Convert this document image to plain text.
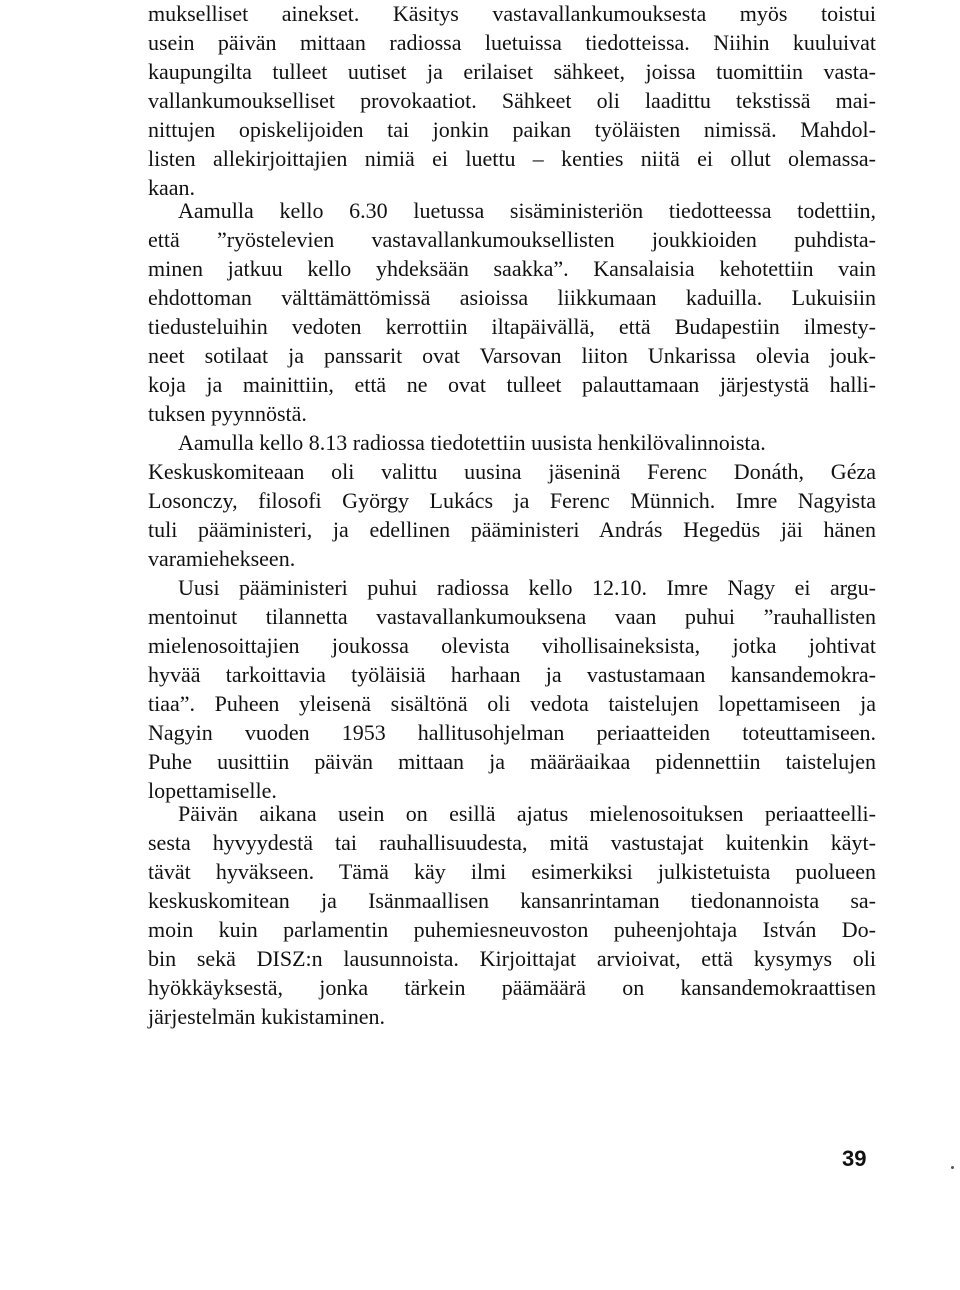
mukselliset ainekset. Käsitys vastavallankumouksesta myös toistui
usein päivän mittaan radiossa luetuissa tiedotteissa. Niihin kuuluivat
kaupungilta tulleet uutiset ja erilaiset sähkeet, joissa tuomittiin vasta-
vallankumoukselliset provokaatiot. Sähkeet oli laadittu tekstissä mai-
nittujen opiskelijoiden tai jonkin paikan työläisten nimissä. Mahdol-
listen allekirjoittajien nimiä ei luettu – kenties niitä ei ollut olemassa-
kaan.
Aamulla kello 6.30 luetussa sisäministeriön tiedotteessa todettiin,
että ”ryöstelevien vastavallankumouksellisten joukkioiden puhdista-
minen jatkuu kello yhdeksään saakka”. Kansalaisia kehotettiin vain
ehdottoman välttämättömissä asioissa liikkumaan kaduilla. Lukuisiin
tiedusteluihin vedoten kerrottiin iltapäivällä, että Budapestiin ilmesty-
neet sotilaat ja panssarit ovat Varsovan liiton Unkarissa olevia jouk-
koja ja mainittiin, että ne ovat tulleet palauttamaan järjestystä halli-
tuksen pyynnöstä.
Aamulla kello 8.13 radiossa tiedotettiin uusista henkilövalinnoista.
Keskuskomiteaan oli valittu uusina jäseninä Ferenc Donáth, Géza
Losonczy, filosofi György Lukács ja Ferenc Münnich. Imre Nagyista
tuli pääministeri, ja edellinen pääministeri András Hegedüs jäi hänen
varamiehekseen.
Uusi pääministeri puhui radiossa kello 12.10. Imre Nagy ei argu-
mentoinut tilannetta vastavallankumouksena vaan puhui ”rauhallisten
mielenosoittajien joukossa olevista vihollisaineksista, jotka johtivat
hyvää tarkoittavia työläisiä harhaan ja vastustamaan kansandemokra-
tiaa”. Puheen yleisenä sisältönä oli vedota taistelujen lopettamiseen ja
Nagyin vuoden 1953 hallitusohjelman periaatteiden toteuttamiseen.
Puhe uusittiin päivän mittaan ja määräaikaa pidennettiin taistelujen
lopettamiselle.
Päivän aikana usein on esillä ajatus mielenosoituksen periaatteelli-
sesta hyvyydestä tai rauhallisuudesta, mitä vastustajat kuitenkin käyt-
tävät hyväkseen. Tämä käy ilmi esimerkiksi julkistetuista puolueen
keskuskomitean ja Isänmaallisen kansanrintaman tiedonannoista sa-
moin kuin parlamentin puhemiesneuvoston puheenjohtaja István Do-
bin sekä DISZ:n lausunnoista. Kirjoittajat arvioivat, että kysymys oli
hyökkäyksestä, jonka tärkein päämäärä on kansandemokraattisen
järjestelmän kukistaminen.
39
